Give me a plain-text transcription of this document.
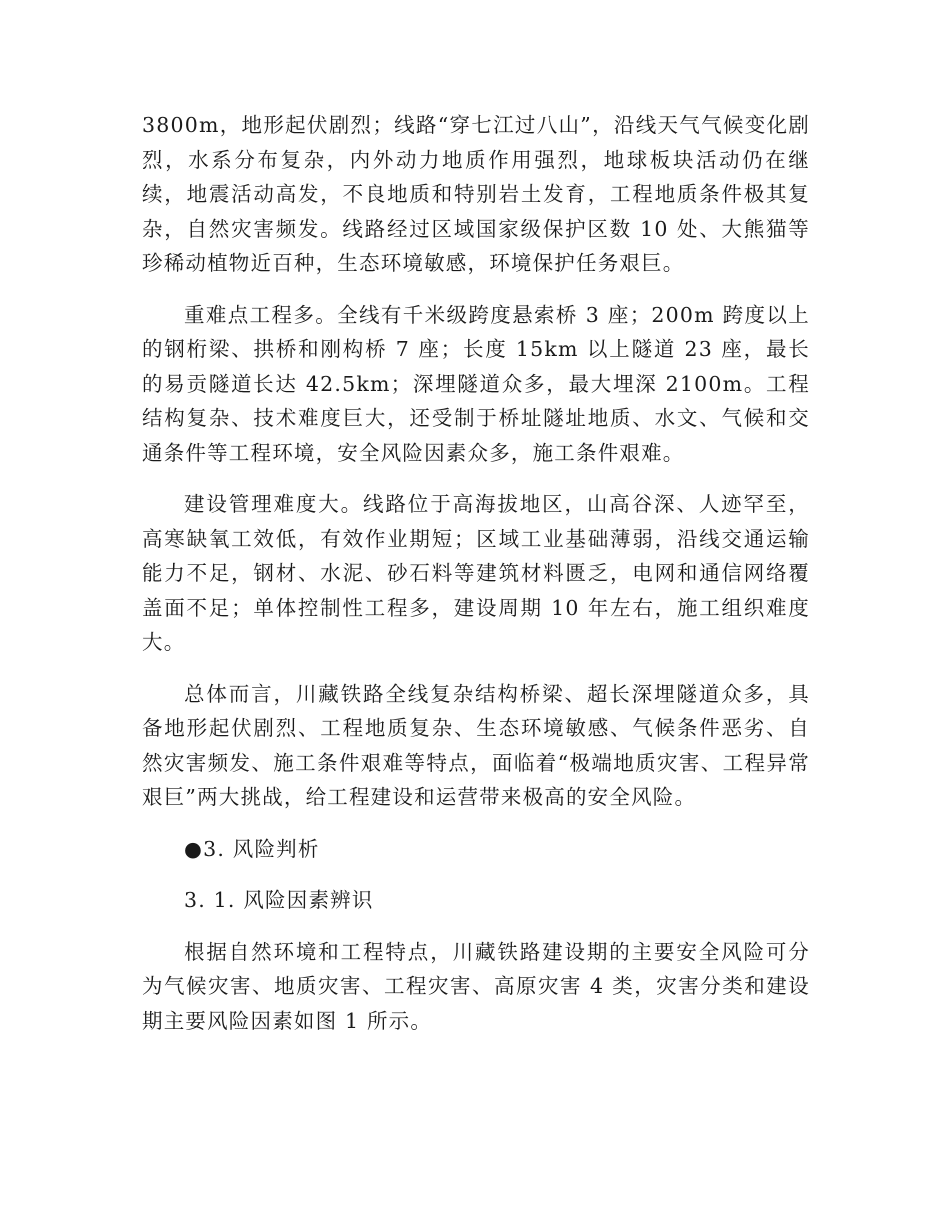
3800m，地形起伏剧烈；线路“穿七江过八山”，沿线天气气候变化剧烈，水系分布复杂，内外动力地质作用强烈，地球板块活动仍在继续，地震活动高发，不良地质和特别岩土发育，工程地质条件极其复杂，自然灾害频发。线路经过区域国家级保护区数 10 处、大熊猫等珍稀动植物近百种，生态环境敏感，环境保护任务艰巨。

重难点工程多。全线有千米级跨度悬索桥 3 座；200m 跨度以上的钢桁梁、拱桥和刚构桥 7 座；长度 15km 以上隧道 23 座，最长的易贡隧道长达 42.5km；深埋隧道众多，最大埋深 2100m。工程结构复杂、技术难度巨大，还受制于桥址隧址地质、水文、气候和交通条件等工程环境，安全风险因素众多，施工条件艰难。

建设管理难度大。线路位于高海拔地区，山高谷深、人迹罕至，高寒缺氧工效低，有效作业期短；区域工业基础薄弱，沿线交通运输能力不足，钢材、水泥、砂石料等建筑材料匮乏，电网和通信网络覆盖面不足；单体控制性工程多，建设周期 10 年左右，施工组织难度大。

总体而言，川藏铁路全线复杂结构桥梁、超长深埋隧道众多，具备地形起伏剧烈、工程地质复杂、生态环境敏感、气候条件恶劣、自然灾害频发、施工条件艰难等特点，面临着“极端地质灾害、工程异常艰巨”两大挑战，给工程建设和运营带来极高的安全风险。

●3. 风险判析

3. 1. 风险因素辨识

根据自然环境和工程特点，川藏铁路建设期的主要安全风险可分为气候灾害、地质灾害、工程灾害、高原灾害 4 类，灾害分类和建设期主要风险因素如图 1 所示。
